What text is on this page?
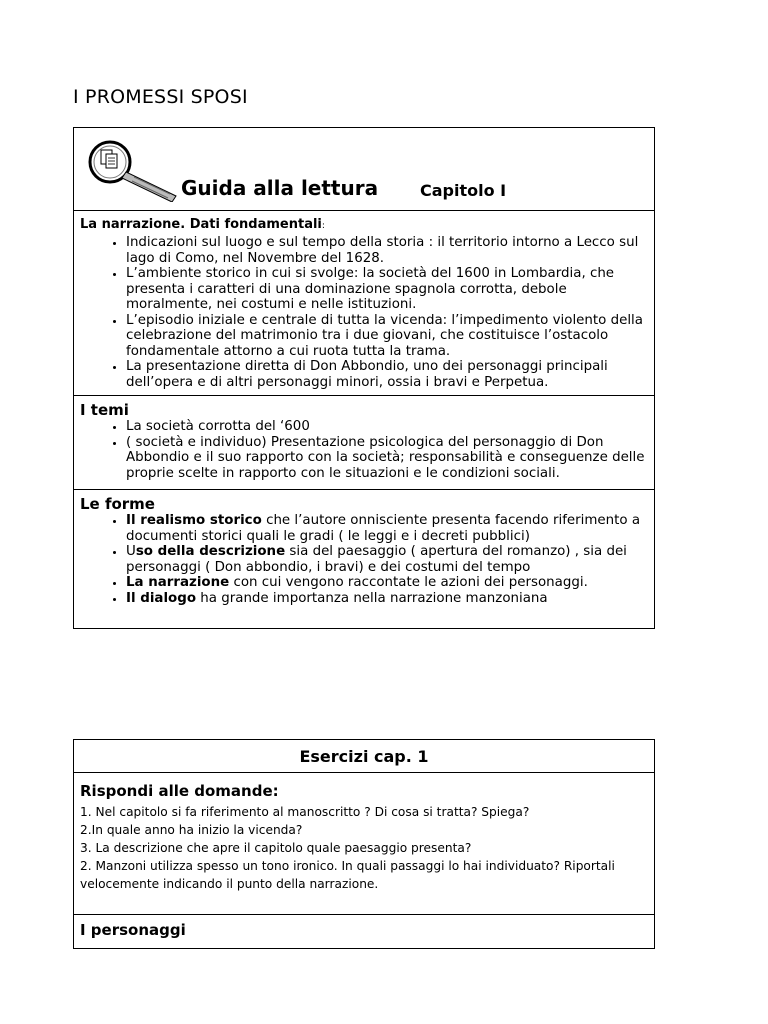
I PROMESSI SPOSI
Guida alla lettura	Capitolo I
La narrazione. Dati fondamentali:
• Indicazioni sul luogo e sul tempo della storia : il territorio intorno a Lecco sul lago di Como, nel Novembre del 1628.
• L’ambiente storico in cui si svolge: la società del 1600 in Lombardia, che presenta i caratteri di una dominazione spagnola corrotta, debole moralmente, nei costumi e nelle istituzioni.
• L’episodio iniziale e centrale di tutta la vicenda: l’impedimento violento della celebrazione del matrimonio tra i due giovani, che costituisce l’ostacolo fondamentale attorno a cui ruota tutta la trama.
• La presentazione diretta di Don Abbondio, uno dei personaggi principali dell’opera e di altri personaggi minori, ossia i bravi e Perpetua.
I temi
• La società corrotta del ‘600
• ( società e individuo) Presentazione psicologica del personaggio di Don Abbondio e il suo rapporto con la società; responsabilità e conseguenze delle proprie scelte in rapporto con le situazioni e le condizioni sociali.
Le forme
• Il realismo storico che l’autore onnisciente presenta facendo riferimento a documenti storici quali le gradi ( le leggi e i decreti pubblici)
• Uso della descrizione sia del paesaggio ( apertura del romanzo) , sia dei personaggi ( Don abbondio, i bravi) e dei costumi del tempo
• La narrazione con cui vengono raccontate le azioni dei personaggi.
• Il dialogo ha grande importanza nella narrazione manzoniana
Esercizi cap. 1
Rispondi alle domande:
1. Nel capitolo si fa riferimento al manoscritto ? Di cosa si tratta? Spiega?
2.In quale anno ha inizio la vicenda?
3. La descrizione che apre il capitolo quale paesaggio presenta?
2. Manzoni utilizza spesso un tono ironico. In quali passaggi lo hai individuato? Riportali velocemente indicando il punto della narrazione.
I personaggi
